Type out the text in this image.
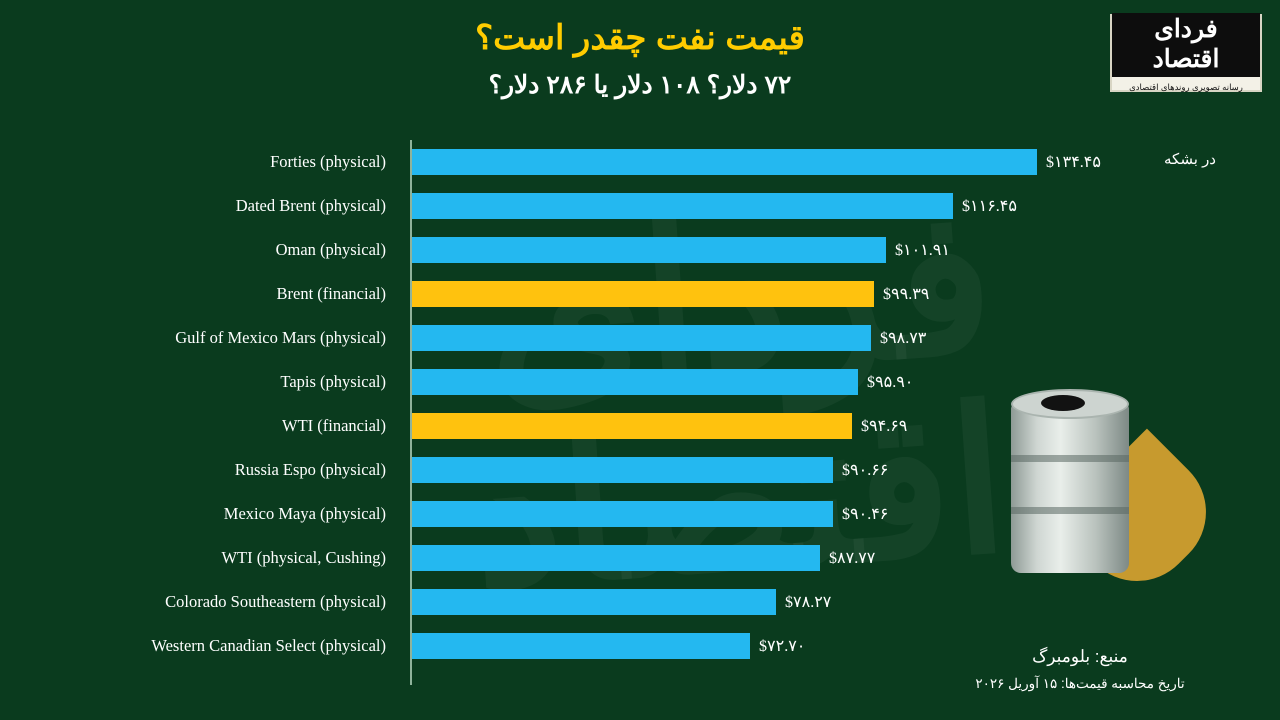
قیمت نفت چقدر است؟
۷۲ دلار؟ ۱۰۸ دلار یا ۲۸۶ دلار؟
فردای اقتصاد
رسانه تصویری روندهای اقتصادی
در بشکه
Forties (physical)	$۱۳۴.۴۵
Dated Brent (physical)	$۱۱۶.۴۵
Oman (physical)	$۱۰۱.۹۱
Brent (financial)	$۹۹.۳۹
Gulf of Mexico Mars (physical)	$۹۸.۷۳
Tapis (physical)	$۹۵.۹۰
WTI (financial)	$۹۴.۶۹
Russia Espo (physical)	$۹۰.۶۶
Mexico Maya (physical)	$۹۰.۴۶
WTI (physical, Cushing)	$۸۷.۷۷
Colorado Southeastern (physical)	$۷۸.۲۷
Western Canadian Select (physical)	$۷۲.۷۰
منبع: بلومبرگ
تاریخ محاسبه قیمت‌ها: ۱۵ آوریل ۲۰۲۶
